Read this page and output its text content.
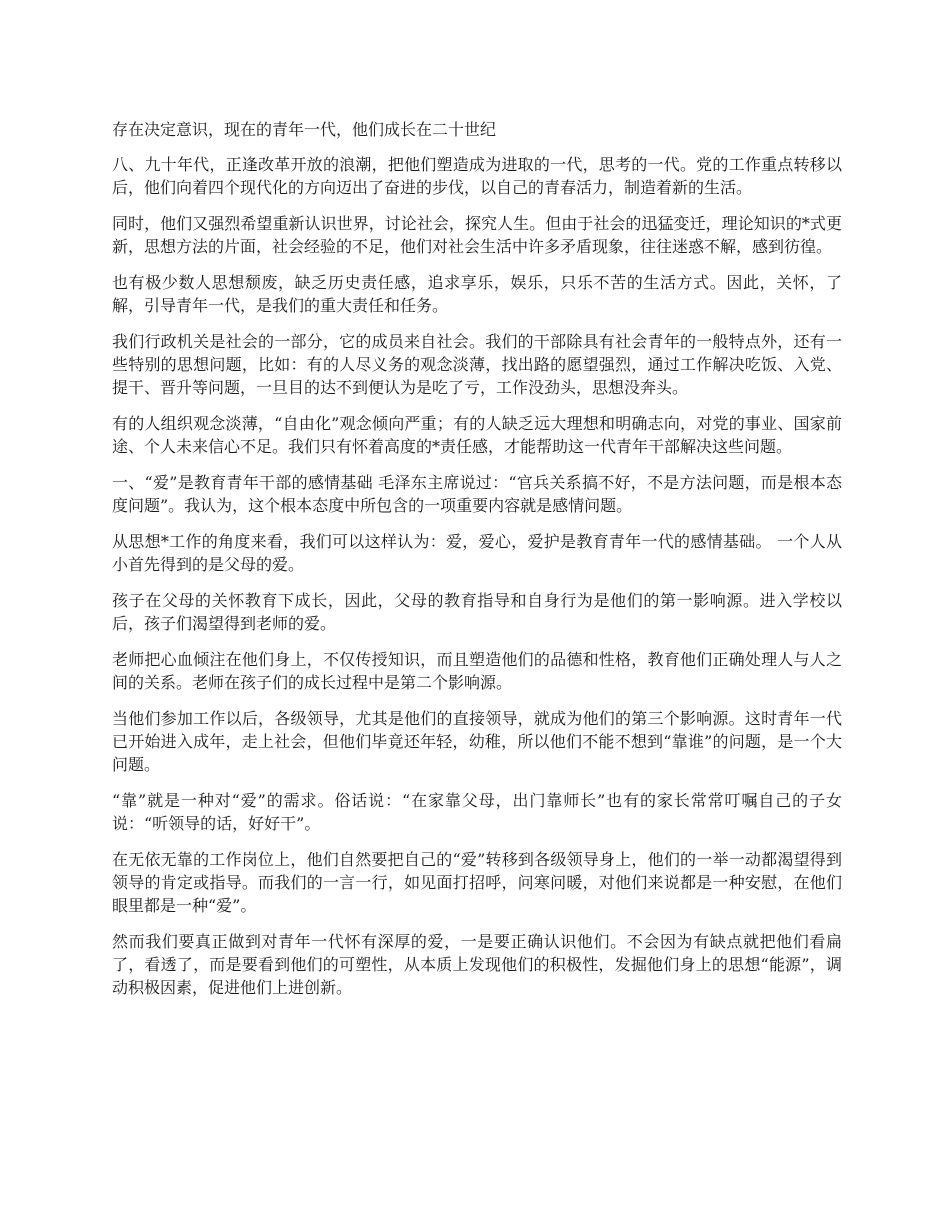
存在决定意识，现在的青年一代，他们成长在二十世纪

八、九十年代，正逢改革开放的浪潮，把他们塑造成为进取的一代，思考的一代。党的工作重点转移以后，他们向着四个现代化的方向迈出了奋进的步伐，以自己的青春活力，制造着新的生活。

同时，他们又强烈希望重新认识世界，讨论社会，探究人生。但由于社会的迅猛变迁，理论知识的*式更新，思想方法的片面，社会经验的不足，他们对社会生活中许多矛盾现象，往往迷惑不解，感到彷徨。

也有极少数人思想颓废，缺乏历史责任感，追求享乐，娱乐，只乐不苦的生活方式。因此，关怀，了解，引导青年一代，是我们的重大责任和任务。

我们行政机关是社会的一部分，它的成员来自社会。我们的干部除具有社会青年的一般特点外，还有一些特别的思想问题，比如：有的人尽义务的观念淡薄，找出路的愿望强烈，通过工作解决吃饭、入党、提干、晋升等问题，一旦目的达不到便认为是吃了亏，工作没劲头，思想没奔头。

有的人组织观念淡薄，“自由化”观念倾向严重；有的人缺乏远大理想和明确志向，对党的事业、国家前途、个人未来信心不足。我们只有怀着高度的*责任感，才能帮助这一代青年干部解决这些问题。

一、“爱”是教育青年干部的感情基础 毛泽东主席说过：“官兵关系搞不好，不是方法问题，而是根本态度问题”。我认为，这个根本态度中所包含的一项重要内容就是感情问题。

从思想*工作的角度来看，我们可以这样认为：爱，爱心，爱护是教育青年一代的感情基础。 一个人从小首先得到的是父母的爱。

孩子在父母的关怀教育下成长，因此，父母的教育指导和自身行为是他们的第一影响源。进入学校以后，孩子们渴望得到老师的爱。

老师把心血倾注在他们身上，不仅传授知识，而且塑造他们的品德和性格，教育他们正确处理人与人之间的关系。老师在孩子们的成长过程中是第二个影响源。

当他们参加工作以后，各级领导，尤其是他们的直接领导，就成为他们的第三个影响源。这时青年一代已开始进入成年，走上社会，但他们毕竟还年轻，幼稚，所以他们不能不想到“靠谁”的问题，是一个大问题。

“靠”就是一种对“爱”的需求。俗话说：“在家靠父母，出门靠师长”也有的家长常常叮嘱自己的子女说：“听领导的话，好好干”。

在无依无靠的工作岗位上，他们自然要把自己的“爱”转移到各级领导身上，他们的一举一动都渴望得到领导的肯定或指导。而我们的一言一行，如见面打招呼，问寒问暖，对他们来说都是一种安慰，在他们眼里都是一种“爱”。

然而我们要真正做到对青年一代怀有深厚的爱，一是要正确认识他们。不会因为有缺点就把他们看扁了，看透了，而是要看到他们的可塑性，从本质上发现他们的积极性，发掘他们身上的思想“能源”，调动积极因素，促进他们上进创新。
